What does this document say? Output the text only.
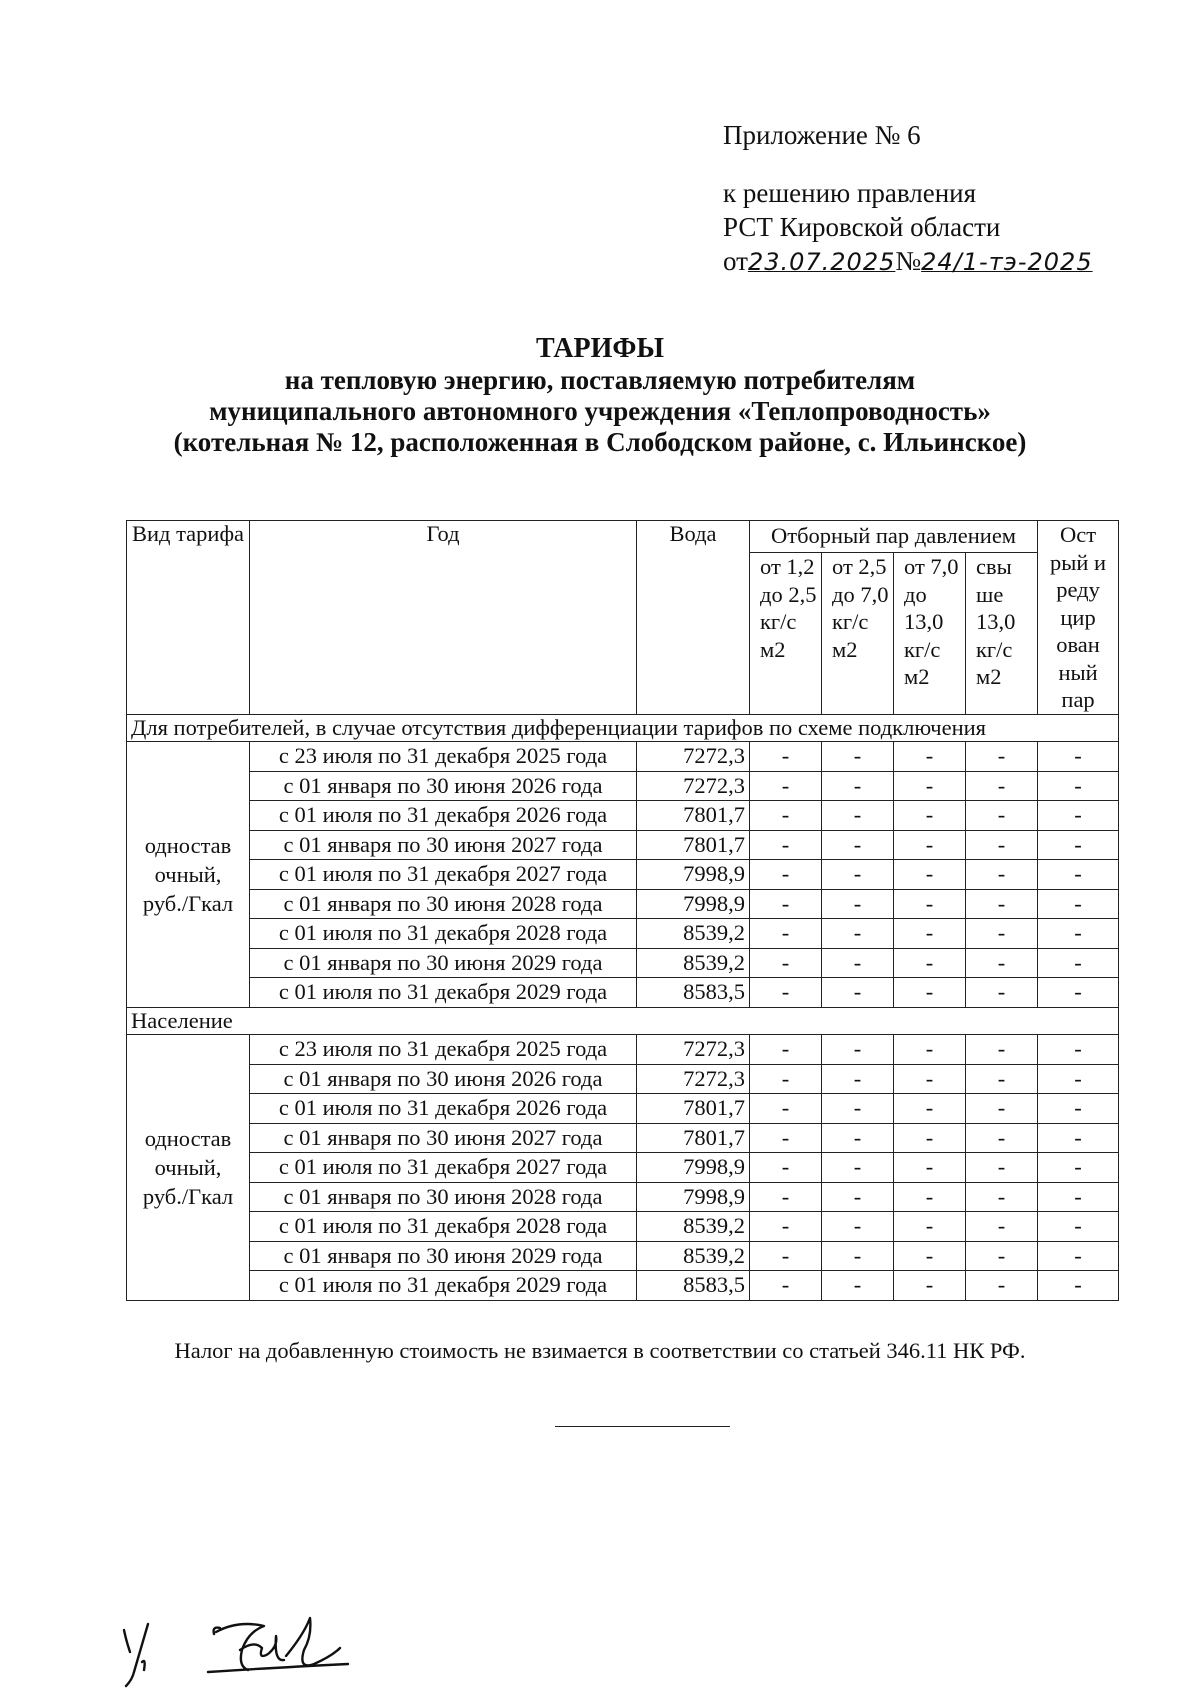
Приложение № 6
к решению правления
РСТ Кировской области
от23.07.2025№24/1-тэ-2025
ТАРИФЫ
на тепловую энергию, поставляемую потребителям
муниципального автономного учреждения «Теплопроводность»
(котельная № 12, расположенная в Слободском районе, с. Ильинское)
Вид тарифа	Год	Вода	Отборный пар давлением				Ост рый и реду цир ован ный пар
			от 1,2 до 2,5 кг/с м2	от 2,5 до 7,0 кг/с м2	от 7,0 до 13,0 кг/с м2	свы ше 13,0 кг/с м2	
Для потребителей, в случае отсутствия дифференциации тарифов по схеме подключения							
одностав очный, руб./Гкал	с 23 июля по 31 декабря 2025 года	7272,3	-	-	-	-	-
	с 01 января по 30 июня 2026 года	7272,3	-	-	-	-	-
	с 01 июля по 31 декабря 2026 года	7801,7	-	-	-	-	-
	с 01 января по 30 июня 2027 года	7801,7	-	-	-	-	-
	с 01 июля по 31 декабря 2027 года	7998,9	-	-	-	-	-
	с 01 января по 30 июня 2028 года	7998,9	-	-	-	-	-
	с 01 июля по 31 декабря 2028 года	8539,2	-	-	-	-	-
	с 01 января по 30 июня 2029 года	8539,2	-	-	-	-	-
	с 01 июля по 31 декабря 2029 года	8583,5	-	-	-	-	-
Население							
одностав очный, руб./Гкал	с 23 июля по 31 декабря 2025 года	7272,3	-	-	-	-	-
	с 01 января по 30 июня 2026 года	7272,3	-	-	-	-	-
	с 01 июля по 31 декабря 2026 года	7801,7	-	-	-	-	-
	с 01 января по 30 июня 2027 года	7801,7	-	-	-	-	-
	с 01 июля по 31 декабря 2027 года	7998,9	-	-	-	-	-
	с 01 января по 30 июня 2028 года	7998,9	-	-	-	-	-
	с 01 июля по 31 декабря 2028 года	8539,2	-	-	-	-	-
	с 01 января по 30 июня 2029 года	8539,2	-	-	-	-	-
	с 01 июля по 31 декабря 2029 года	8583,5	-	-	-	-	-
Налог на добавленную стоимость не взимается в соответствии со статьей 346.11 НК РФ.
